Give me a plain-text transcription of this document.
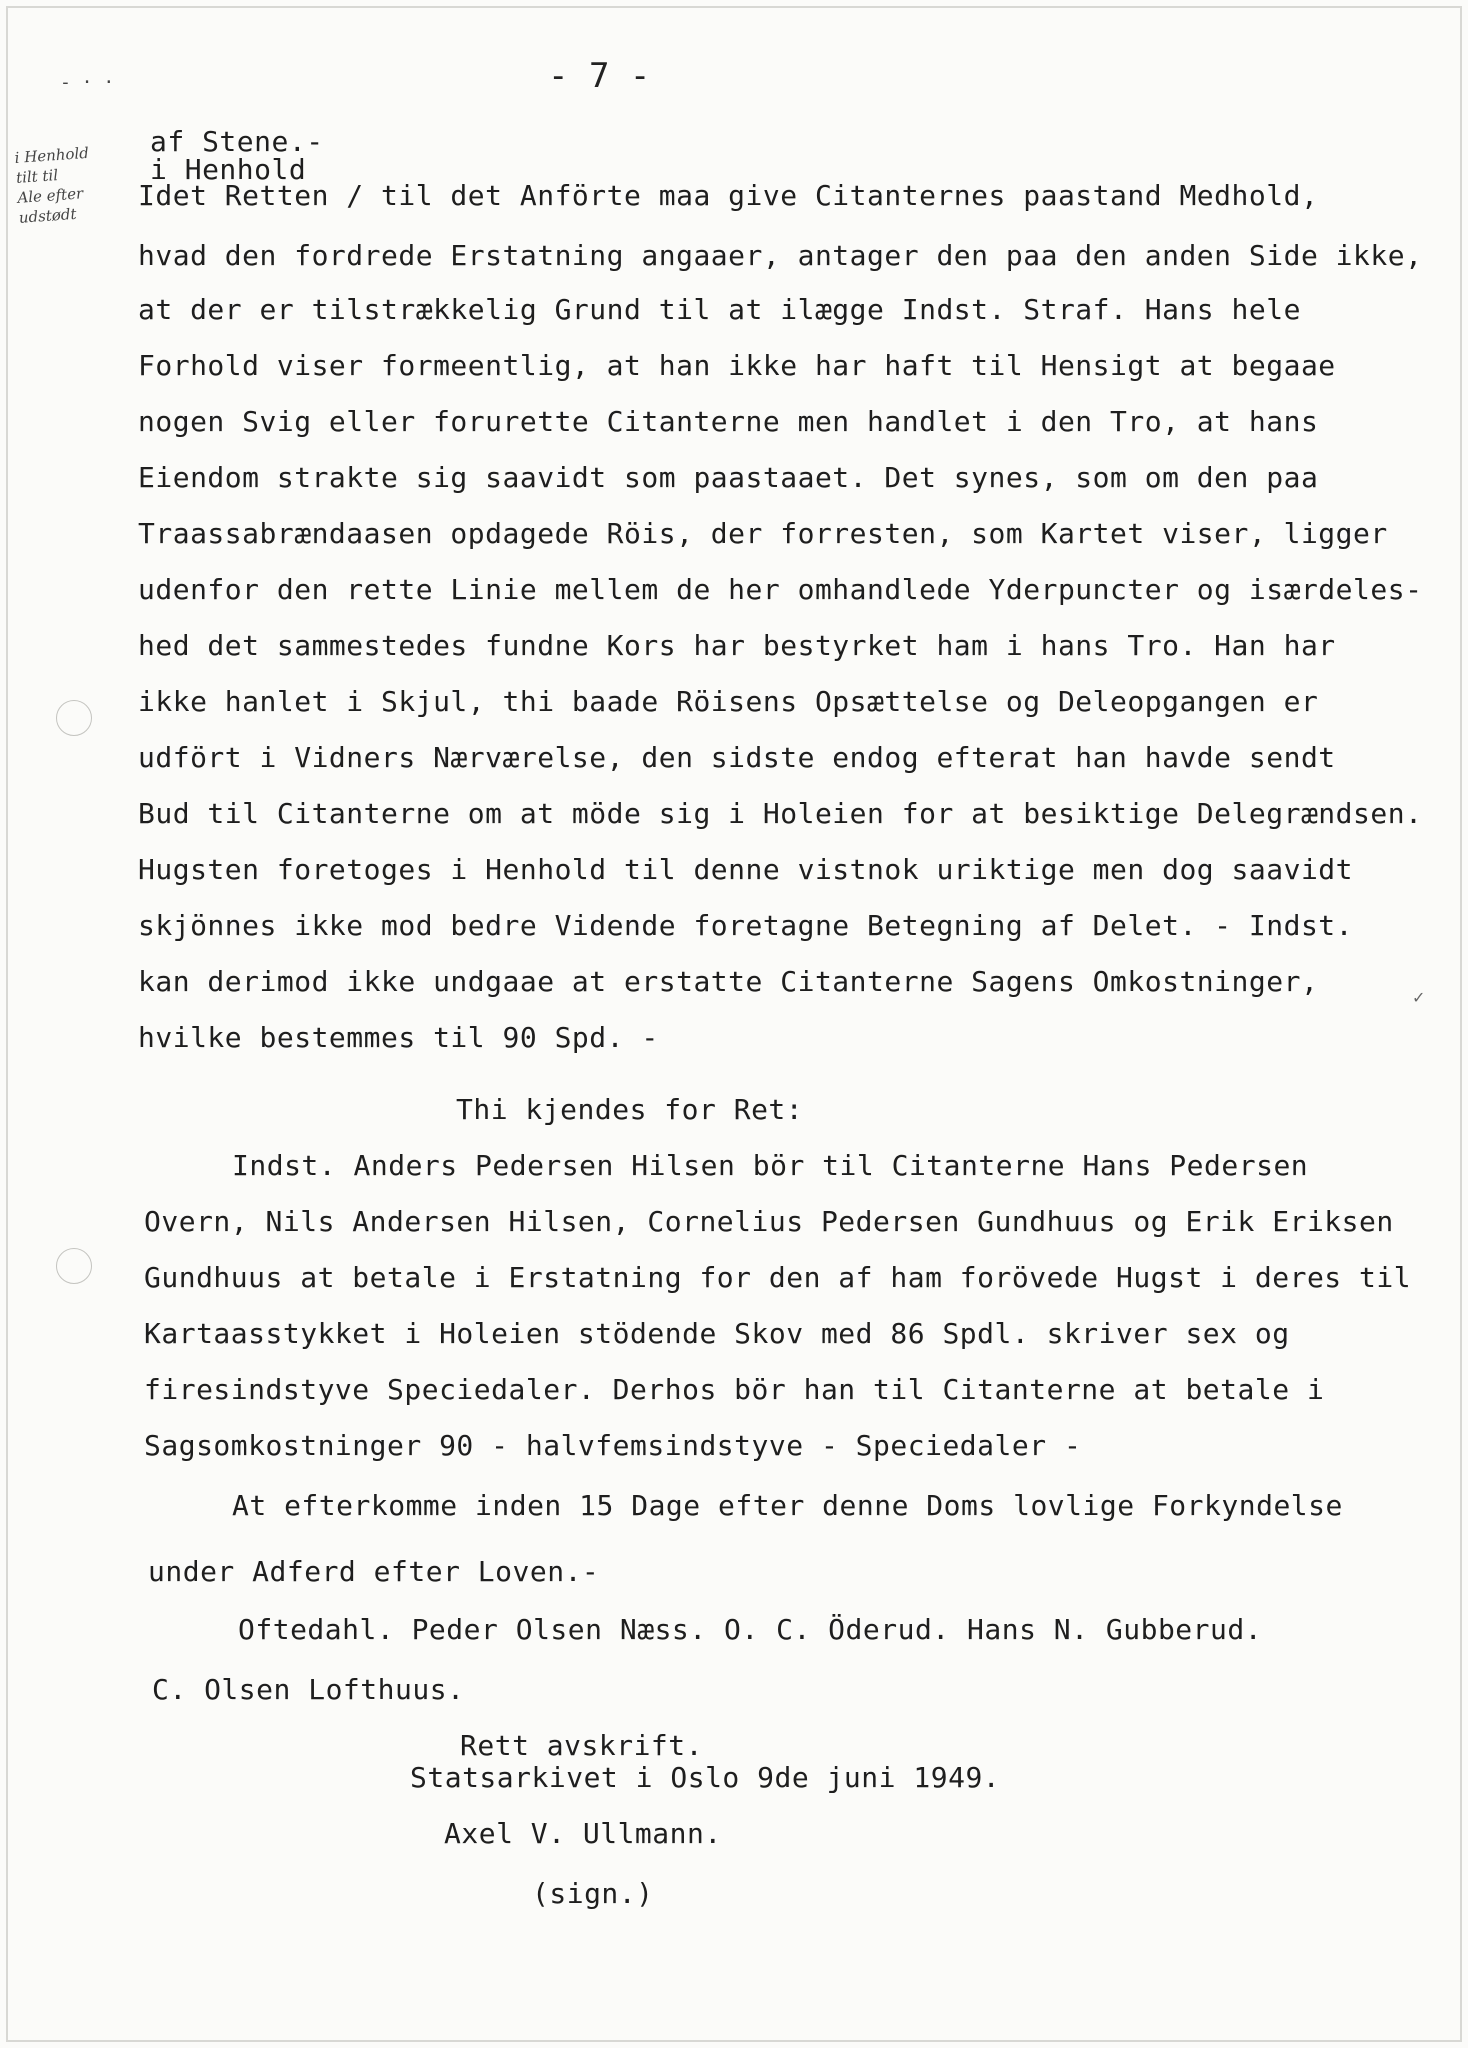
- · ·	- 7 -
i Henhold
tilt til
Ale efter
udstødt
✓

af Stene.-

i Henhold

Idet Retten / til det Anförte maa give Citanternes paastand Medhold,

hvad den fordrede Erstatning angaaer, antager den paa den anden Side ikke,

at der er tilstrækkelig Grund til at ilægge Indst. Straf. Hans hele

Forhold viser formeentlig, at han ikke har haft til Hensigt at begaae

nogen Svig eller forurette Citanterne men handlet i den Tro, at hans

Eiendom strakte sig saavidt som paastaaet. Det synes, som om den paa

Traassabrændaasen opdagede Röis, der forresten, som Kartet viser, ligger

udenfor den rette Linie mellem de her omhandlede Yderpuncter og isærdeles-

hed det sammestedes fundne Kors har bestyrket ham i hans Tro. Han har

ikke hanlet i Skjul, thi baade Röisens Opsættelse og Deleopgangen er

udfört i Vidners Nærværelse, den sidste endog efterat han havde sendt

Bud til Citanterne om at möde sig i Holeien for at besiktige Delegrændsen.

Hugsten foretoges i Henhold til denne vistnok uriktige men dog saavidt

skjönnes ikke mod bedre Vidende foretagne Betegning af Delet. - Indst.

kan derimod ikke undgaae at erstatte Citanterne Sagens Omkostninger,

hvilke bestemmes til 90 Spd. -

Thi kjendes for Ret:

Indst. Anders Pedersen Hilsen bör til Citanterne Hans Pedersen

Overn, Nils Andersen Hilsen, Cornelius Pedersen Gundhuus og Erik Eriksen

Gundhuus at betale i Erstatning for den af ham forövede Hugst i deres til

Kartaasstykket i Holeien stödende Skov med 86 Spdl. skriver sex og

firesindstyve Speciedaler. Derhos bör han til Citanterne at betale i

Sagsomkostninger 90 - halvfemsindstyve - Speciedaler -

At efterkomme inden 15 Dage efter denne Doms lovlige Forkyndelse

under Adferd efter Loven.-

Oftedahl. Peder Olsen Næss. O. C. Öderud. Hans N. Gubberud.

C. Olsen Lofthuus.

Rett avskrift.

Statsarkivet i Oslo 9de juni 1949.

Axel V. Ullmann.

(sign.)
